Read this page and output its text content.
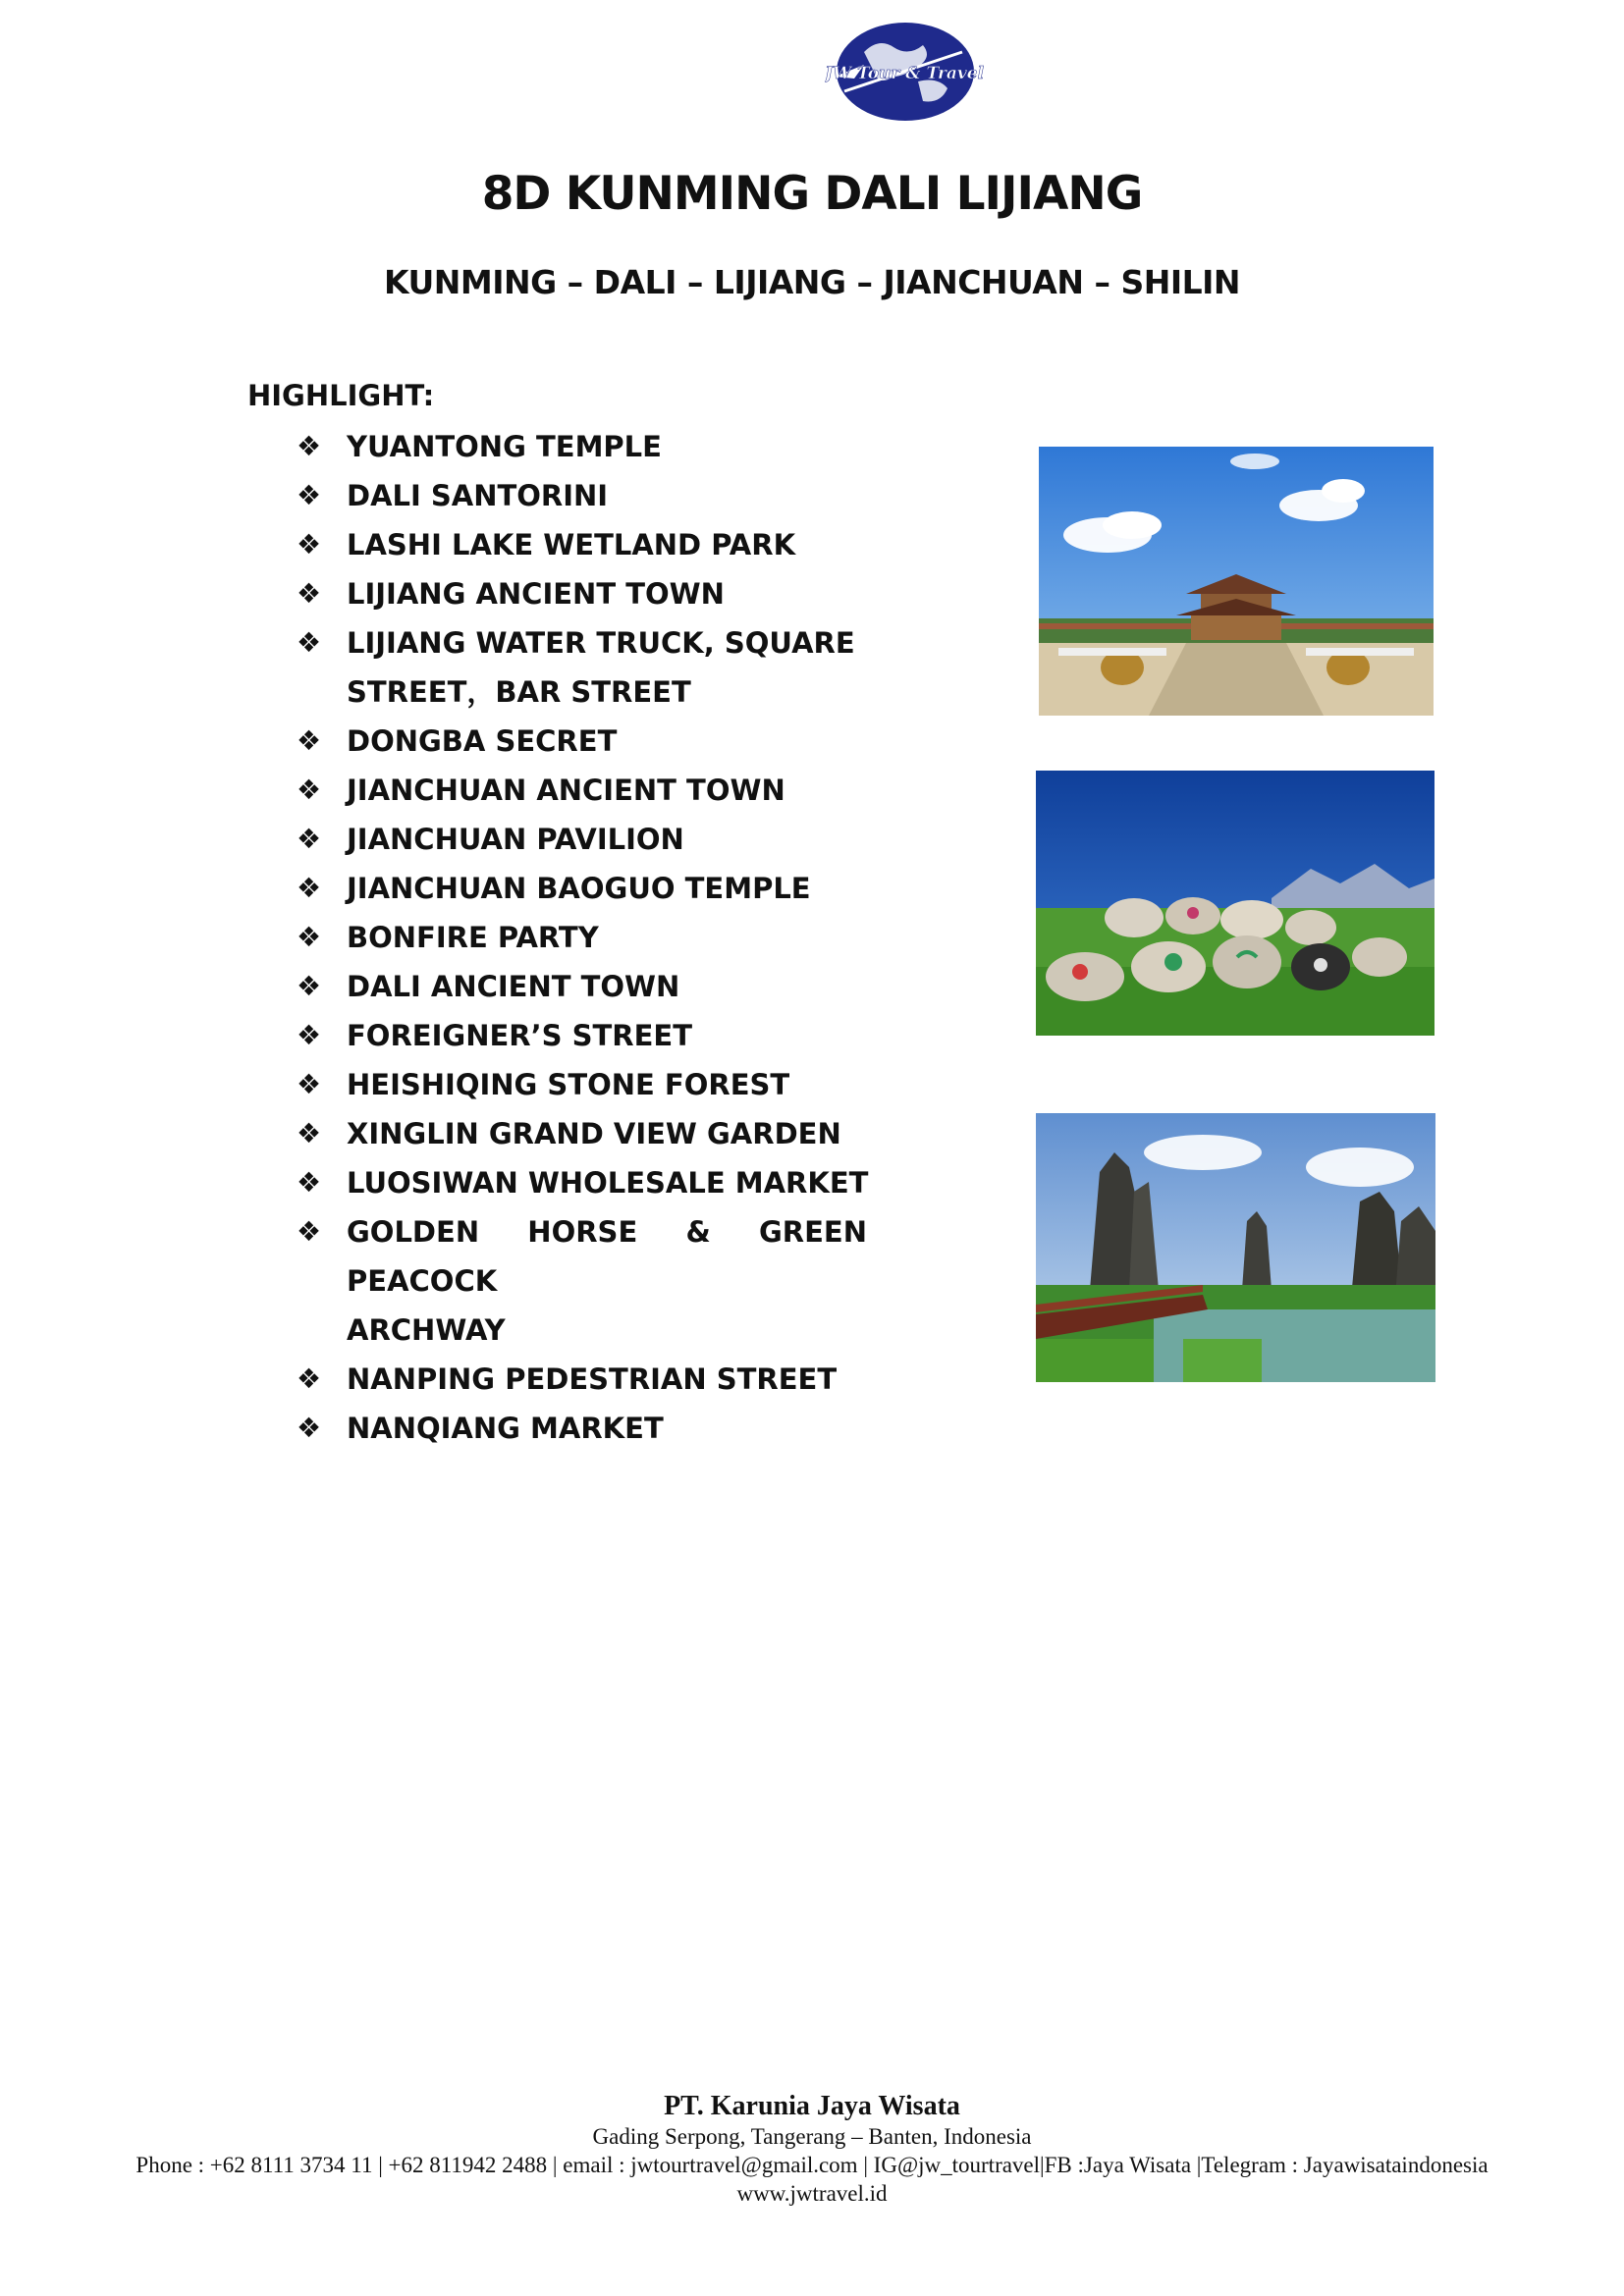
JW Tour & Travel
8D KUNMING DALI LIJIANG
KUNMING – DALI – LIJIANG – JIANCHUAN – SHILIN
HIGHLIGHT:
❖ YUANTONG TEMPLE
❖ DALI SANTORINI
❖ LASHI LAKE WETLAND PARK
❖ LIJIANG ANCIENT TOWN
❖ LIJIANG WATER TRUCK, SQUARE
STREET，BAR STREET
❖ DONGBA SECRET
❖ JIANCHUAN ANCIENT TOWN
❖ JIANCHUAN PAVILION
❖ JIANCHUAN BAOGUO TEMPLE
❖ BONFIRE PARTY
❖ DALI ANCIENT TOWN
❖ FOREIGNER’S STREET
❖ HEISHIQING STONE FOREST
❖ XINGLIN GRAND VIEW GARDEN
❖ LUOSIWAN WHOLESALE MARKET
❖ GOLDEN HORSE & GREEN PEACOCK
ARCHWAY
❖ NANPING PEDESTRIAN STREET
❖ NANQIANG MARKET
PT. Karunia Jaya Wisata
Gading Serpong, Tangerang – Banten, Indonesia
Phone : +62 8111 3734 11 | +62 811942 2488 | email : jwtourtravel@gmail.com | IG@jw_tourtravel|FB :Jaya Wisata |Telegram : Jayawisataindonesia
www.jwtravel.id
